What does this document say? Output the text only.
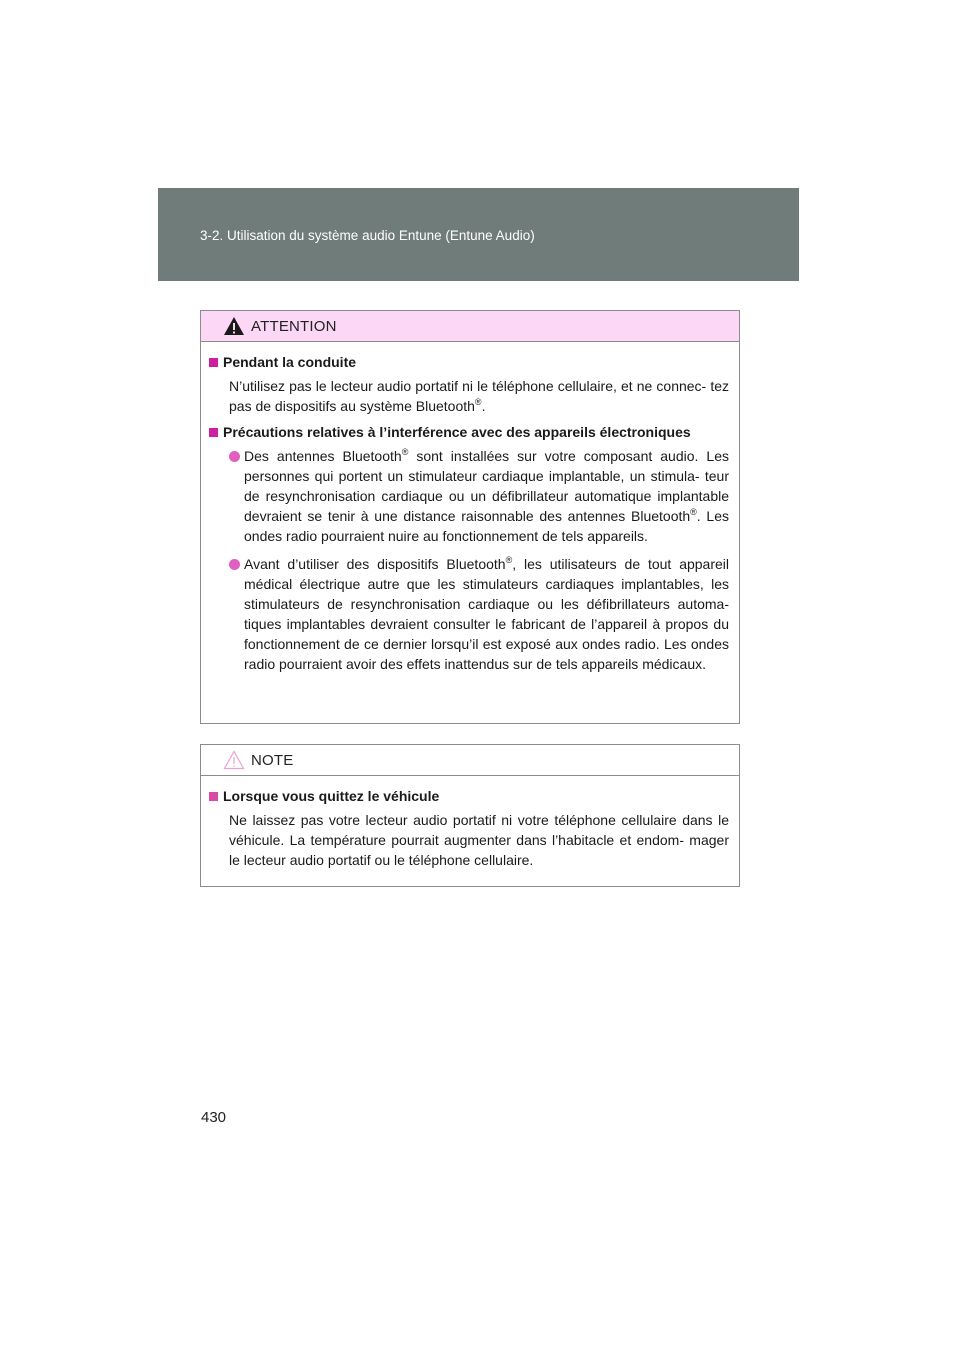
3-2. Utilisation du système audio Entune (Entune Audio)
ATTENTION
Pendant la conduite

N’utilisez pas le lecteur audio portatif ni le téléphone cellulaire, et ne connec- tez pas de dispositifs au système Bluetooth®.

Précautions relatives à l’interférence avec des appareils électroniques
Des antennes Bluetooth® sont installées sur votre composant audio. Les personnes qui portent un stimulateur cardiaque implantable, un stimula- teur de resynchronisation cardiaque ou un défibrillateur automatique implantable devraient se tenir à une distance raisonnable des antennes Bluetooth®. Les ondes radio pourraient nuire au fonctionnement de tels appareils.
Avant d’utiliser des dispositifs Bluetooth®, les utilisateurs de tout appareil médical électrique autre que les stimulateurs cardiaques implantables, les stimulateurs de resynchronisation cardiaque ou les défibrillateurs automa- tiques implantables devraient consulter le fabricant de l’appareil à propos du fonctionnement de ce dernier lorsqu’il est exposé aux ondes radio. Les ondes radio pourraient avoir des effets inattendus sur de tels appareils médicaux.
NOTE
Lorsque vous quittez le véhicule

Ne laissez pas votre lecteur audio portatif ni votre téléphone cellulaire dans le véhicule. La température pourrait augmenter dans l’habitacle et endom- mager le lecteur audio portatif ou le téléphone cellulaire.

430
